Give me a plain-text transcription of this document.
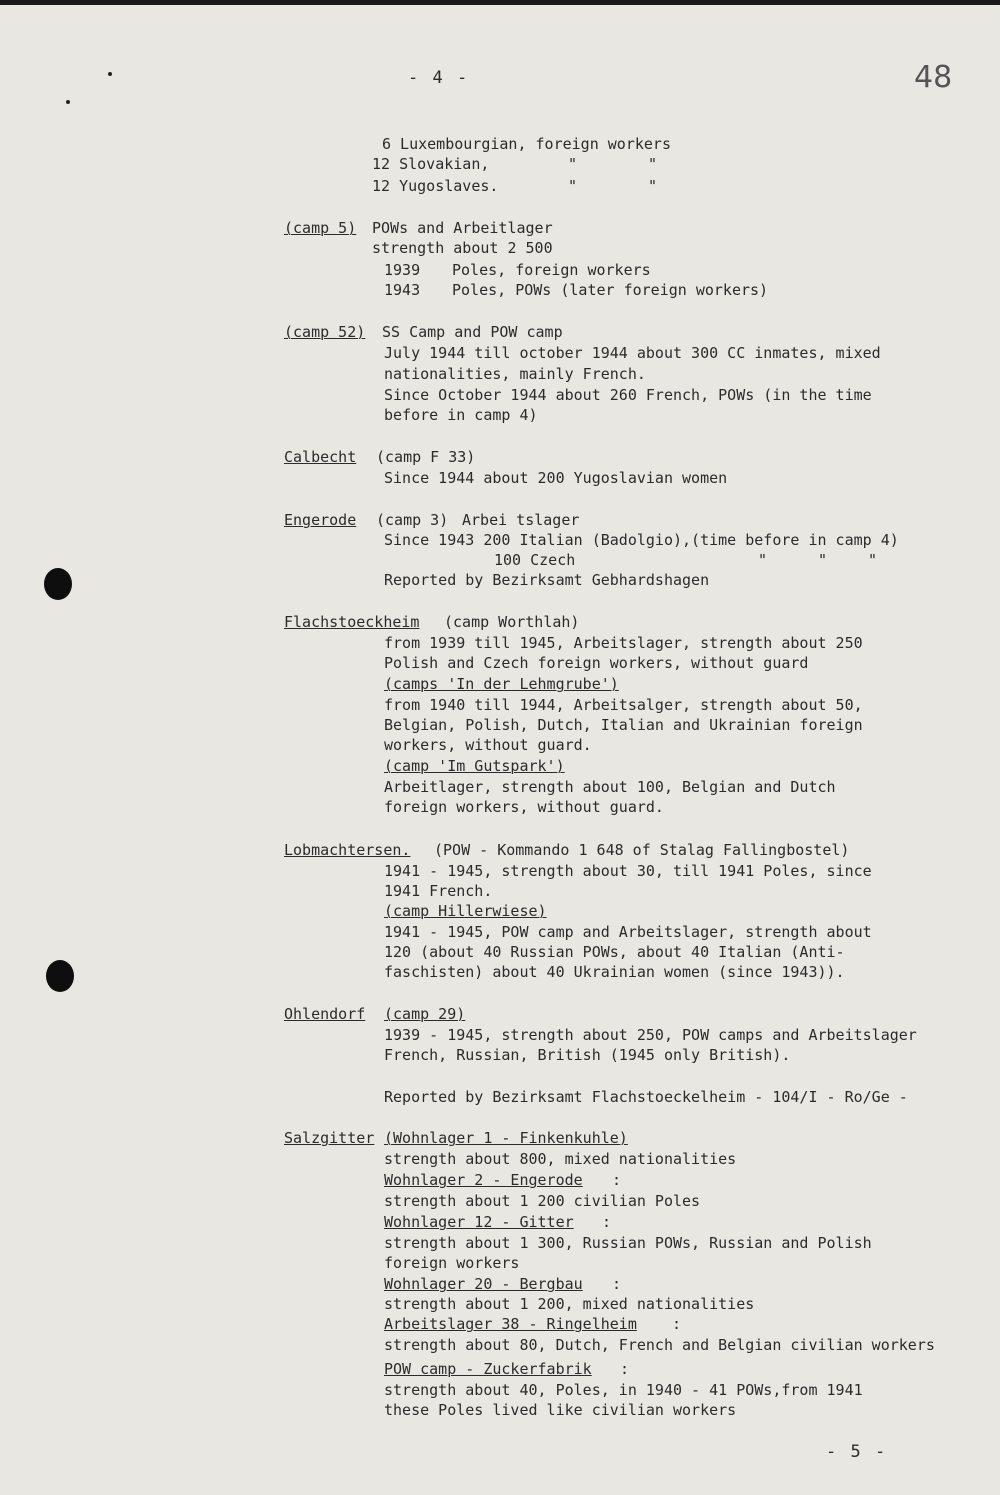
- 4 -	48
6 Luxembourgian, foreign workers
12 Slovakian,	"	"
12 Yugoslaves.	"	"
(camp 5) POWs and Arbeitlager
strength about 2 500
1939 Poles, foreign workers
1943 Poles, POWs (later foreign workers)
(camp 52) SS Camp and POW camp
July 1944 till october 1944 about 300 CC inmates, mixed
nationalities, mainly French.
Since October 1944 about 260 French, POWs (in the time
before in camp 4)
Calbecht (camp F 33)
Since 1944 about 200 Yugoslavian women
Engerode (camp 3) Arbei tslager
Since 1943 200 Italian (Badolgio),(time before in camp 4)
100 Czech	"	"	"
Reported by Bezirksamt Gebhardshagen
Flachstoeckheim (camp Worthlah)
from 1939 till 1945, Arbeitslager, strength about 250
Polish and Czech foreign workers, without guard
(camps 'In der Lehmgrube')
from 1940 till 1944, Arbeitsalger, strength about 50,
Belgian, Polish, Dutch, Italian and Ukrainian foreign
workers, without guard.
(camp 'Im Gutspark')
Arbeitlager, strength about 100, Belgian and Dutch
foreign workers, without guard.
Lobmachtersen. (POW - Kommando 1 648 of Stalag Fallingbostel)
1941 - 1945, strength about 30, till 1941 Poles, since
1941 French.
(camp Hillerwiese)
1941 - 1945, POW camp and Arbeitslager, strength about
120 (about 40 Russian POWs, about 40 Italian (Anti-
faschisten) about 40 Ukrainian women (since 1943)).
Ohlendorf (camp 29)
1939 - 1945, strength about 250, POW camps and Arbeitslager
French, Russian, British (1945 only British).
Reported by Bezirksamt Flachstoeckelheim - 104/I - Ro/Ge -
Salzgitter (Wohnlager 1 - Finkenkuhle)
strength about 800, mixed nationalities
Wohnlager 2 - Engerode :
strength about 1 200 civilian Poles
Wohnlager 12 - Gitter :
strength about 1 300, Russian POWs, Russian and Polish
foreign workers
Wohnlager 20 - Bergbau :
strength about 1 200, mixed nationalities
Arbeitslager 38 - Ringelheim :
strength about 80, Dutch, French and Belgian civilian workers
POW camp - Zuckerfabrik :
strength about 40, Poles, in 1940 - 41 POWs,from 1941
these Poles lived like civilian workers
- 5 -
